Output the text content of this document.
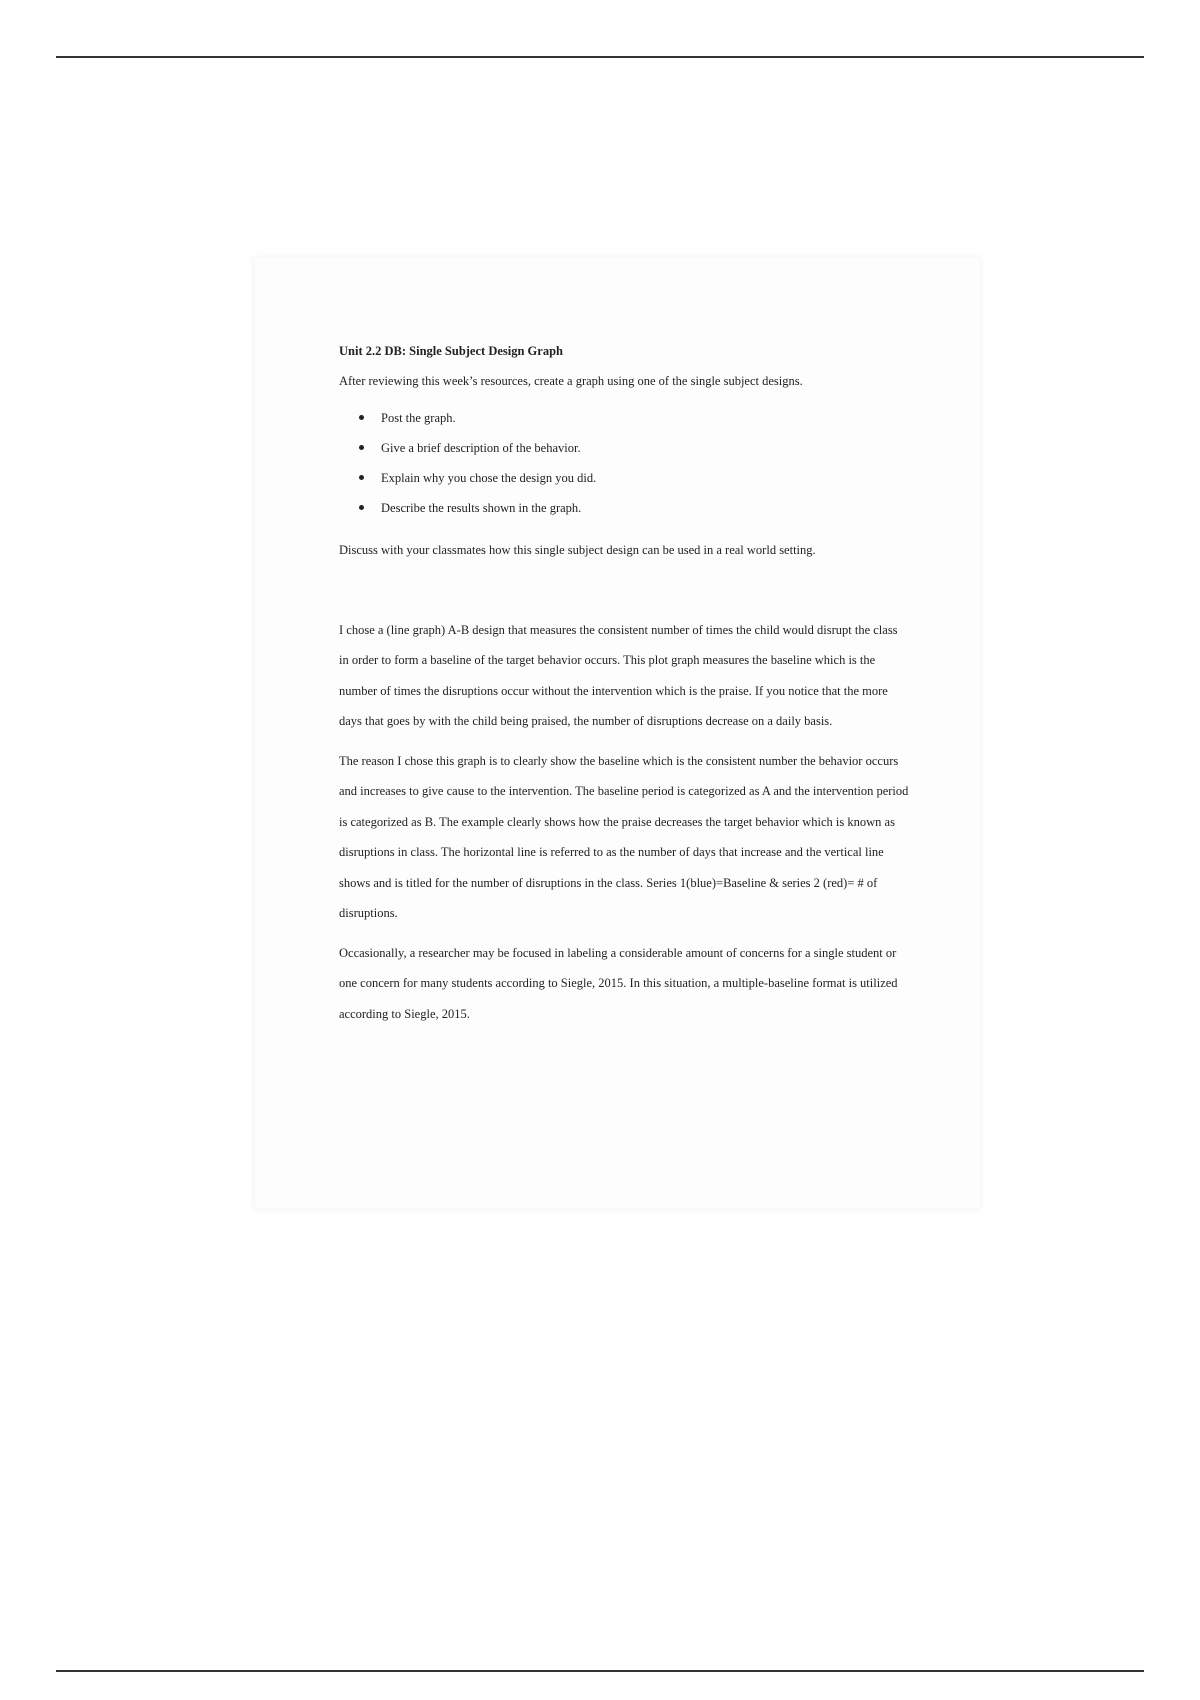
Unit 2.2 DB: Single Subject Design Graph

After reviewing this week’s resources, create a graph using one of the single subject designs.

Post the graph.
Give a brief description of the behavior.
Explain why you chose the design you did.
Describe the results shown in the graph.

Discuss with your classmates how this single subject design can be used in a real world setting.

I chose a (line graph) A-B design that measures the consistent number of times the child would disrupt the class in order to form a baseline of the target behavior occurs. This plot graph measures the baseline which is the number of times the disruptions occur without the intervention which is the praise. If you notice that the more days that goes by with the child being praised, the number of disruptions decrease on a daily basis.

The reason I chose this graph is to clearly show the baseline which is the consistent number the behavior occurs and increases to give cause to the intervention. The baseline period is categorized as A and the intervention period is categorized as B. The example clearly shows how the praise decreases the target behavior which is known as disruptions in class. The horizontal line is referred to as the number of days that increase and the vertical line shows and is titled for the number of disruptions in the class. Series 1(blue)=Baseline & series 2 (red)= # of disruptions.

Occasionally, a researcher may be focused in labeling a considerable amount of concerns for a single student or one concern for many students according to Siegle, 2015. In this situation, a multiple-baseline format is utilized according to Siegle, 2015.
